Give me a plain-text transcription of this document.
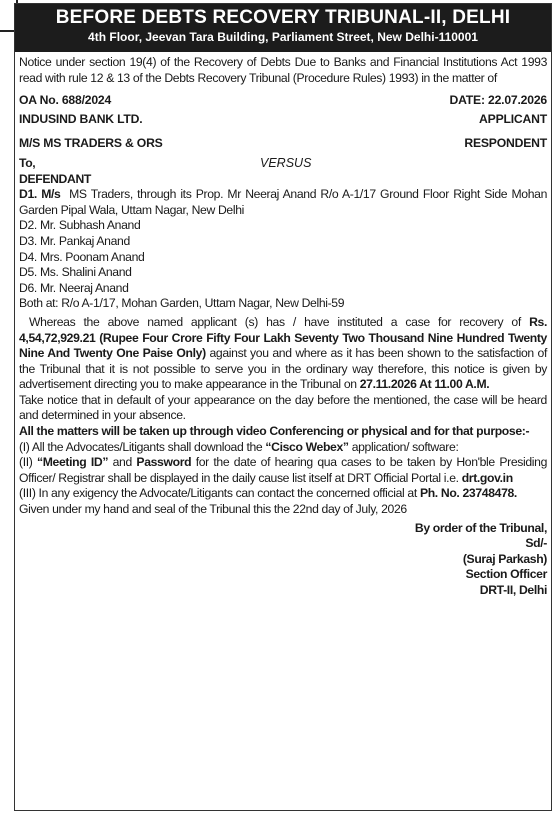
BEFORE DEBTS RECOVERY TRIBUNAL-II, DELHI
4th Floor, Jeevan Tara Building, Parliament Street, New Delhi-110001
VERSUS

Notice under section 19(4) of the Recovery of Debts Due to Banks and Financial Institutions Act 1993 read with rule 12 & 13 of the Debts Recovery Tribunal (Procedure Rules) 1993) in the matter of

OA No. 688/2024	DATE: 22.07.2026
INDUSIND BANK LTD.	APPLICANT
M/S MS TRADERS & ORS	RESPONDENT

To,

DEFENDANT

D1. M/s MS Traders, through its Prop. Mr Neeraj Anand R/o A-1/17 Ground Floor Right Side Mohan Garden Pipal Wala, Uttam Nagar, New Delhi

D2. Mr. Subhash Anand

D3. Mr. Pankaj Anand

D4. Mrs. Poonam Anand

D5. Ms. Shalini Anand

D6. Mr. Neeraj Anand

Both at: R/o A-1/17, Mohan Garden, Uttam Nagar, New Delhi-59

Whereas the above named applicant (s) has / have instituted a case for recovery of Rs. 4,54,72,929.21 (Rupee Four Crore Fifty Four Lakh Seventy Two Thousand Nine Hundred Twenty Nine And Twenty One Paise Only) against you and where as it has been shown to the satisfaction of the Tribunal that it is not possible to serve you in the ordinary way therefore, this notice is given by advertisement directing you to make appearance in the Tribunal on 27.11.2026 At 11.00 A.M.

Take notice that in default of your appearance on the day before the mentioned, the case will be heard and determined in your absence.

All the matters will be taken up through video Conferencing or physical and for that purpose:-

(I) All the Advocates/Litigants shall download the “Cisco Webex” application/ software:

(II) “Meeting ID” and Password for the date of hearing qua cases to be taken by Hon'ble Presiding Officer/ Registrar shall be displayed in the daily cause list itself at DRT Official Portal i.e. drt.gov.in

(III) In any exigency the Advocate/Litigants can contact the concerned official at Ph. No. 23748478.

Given under my hand and seal of the Tribunal this the 22nd day of July, 2026

By order of the Tribunal,

Sd/-

(Suraj Parkash)

Section Officer

DRT-II, Delhi
